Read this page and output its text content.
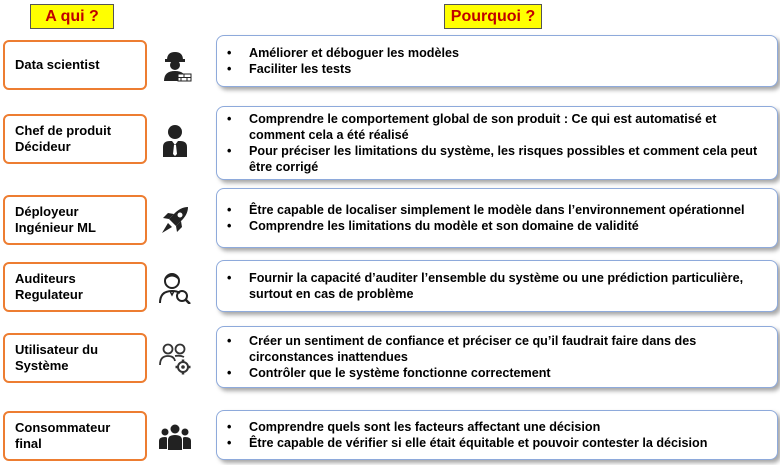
A qui ?	Pourquoi ?
Data scientist
• Améliorer et déboguer les modèles
• Faciliter les tests
Chef de produit
Décideur
• Comprendre le comportement global de son produit : Ce qui est automatisé et comment cela a été réalisé
• Pour préciser les limitations du système, les risques possibles et comment cela peut être corrigé
Déployeur
Ingénieur ML
• Être capable de localiser simplement le modèle dans l’environnement opérationnel
• Comprendre les limitations du modèle et son domaine de validité
Auditeurs
Regulateur
• Fournir la capacité d’auditer l’ensemble du système ou une prédiction particulière, surtout en cas de problème
Utilisateur du
Système
• Créer un sentiment de confiance et préciser ce qu’il faudrait faire dans des circonstances inattendues
• Contrôler que le système fonctionne correctement
Consommateur
final
• Comprendre quels sont les facteurs affectant une décision
• Être capable de vérifier si elle était équitable et pouvoir contester la décision
